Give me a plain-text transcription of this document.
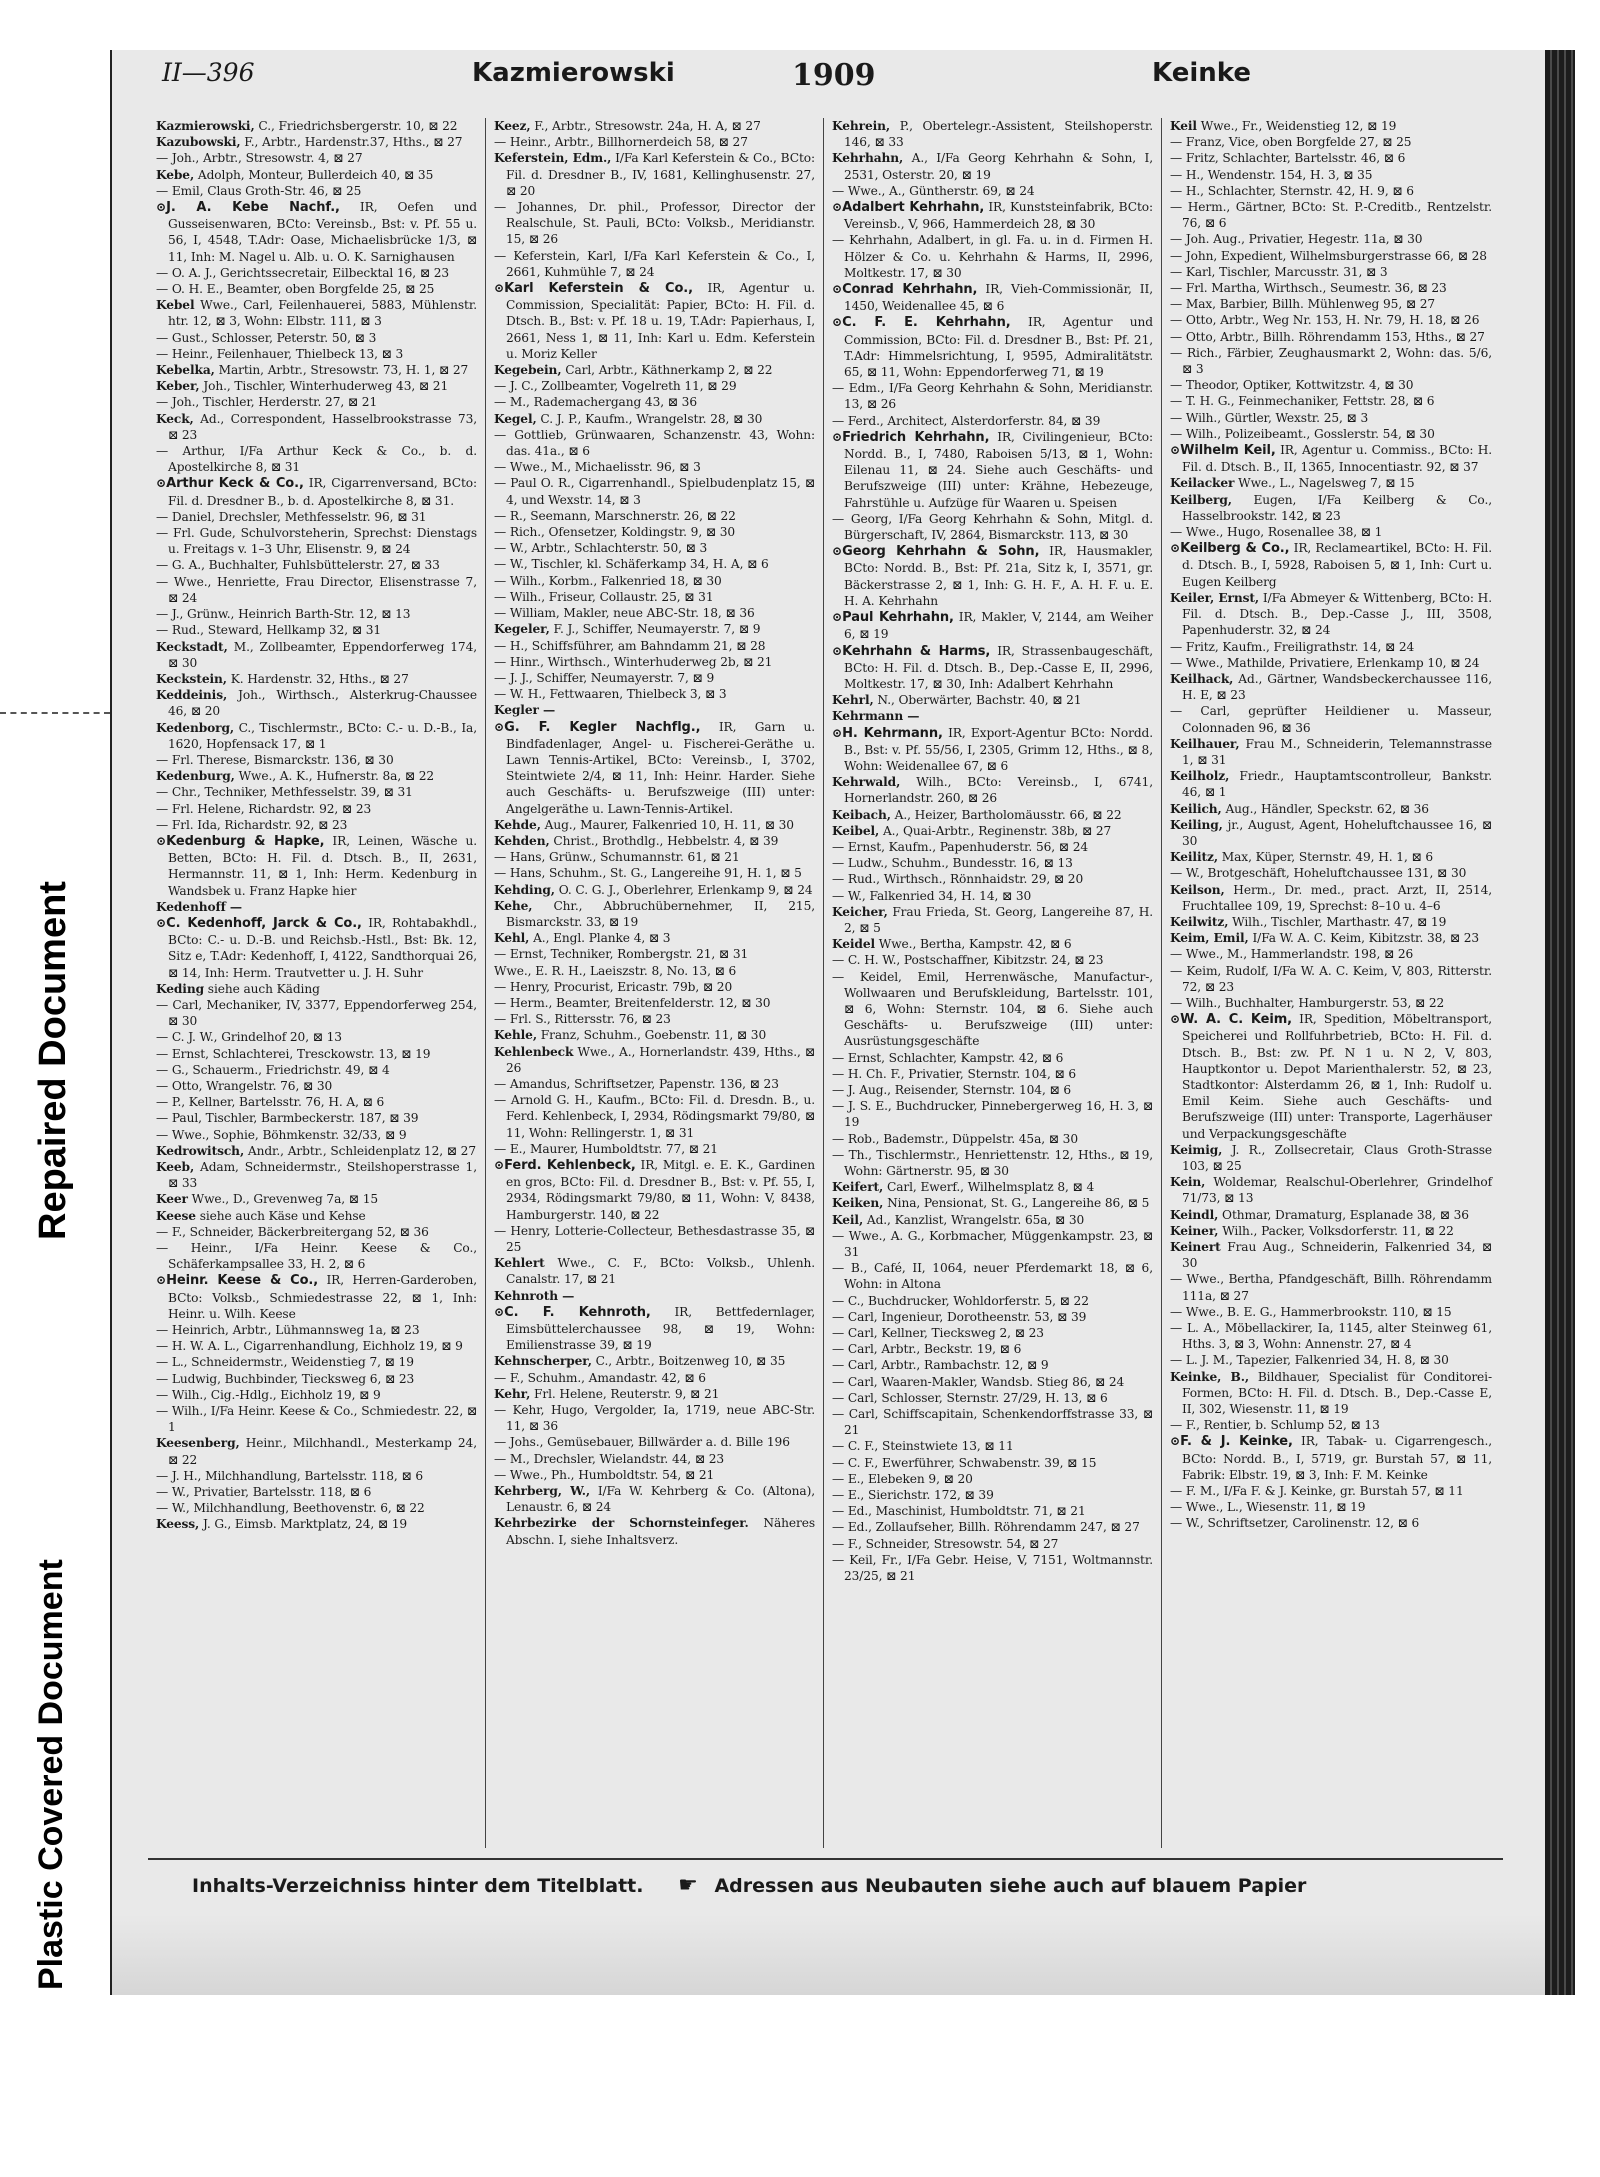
Repaired Document
Plastic Covered Document
II—396	Kazmierowski	1909	Keinke
Kazmierowski, C., Friedrichsbergerstr. 10, ⊠ 22
Kazubowski, F., Arbtr., Hardenstr.37, Hths., ⊠ 27
— Joh., Arbtr., Stresowstr. 4, ⊠ 27
Kebe, Adolph, Monteur, Bullerdeich 40, ⊠ 35
— Emil, Claus Groth-Str. 46, ⊠ 25
⊙ J. A. Kebe Nachf., IR, Oefen und Gusseisenwaren, BCto: Vereinsb., Bst: v. Pf. 55 u. 56, I, 4548, T.Adr: Oase, Michaelisbrücke 1/3, ⊠ 11, Inh: M. Nagel u. Alb. u. O. K. Sarnighausen
— O. A. J., Gerichtssecretair, Eilbecktal 16, ⊠ 23
— O. H. E., Beamter, oben Borgfelde 25, ⊠ 25
Kebel Wwe., Carl, Feilenhauerei, 5883, Mühlenstr. htr. 12, ⊠ 3, Wohn: Elbstr. 111, ⊠ 3
— Gust., Schlosser, Peterstr. 50, ⊠ 3
— Heinr., Feilenhauer, Thielbeck 13, ⊠ 3
Kebelka, Martin, Arbtr., Stresowstr. 73, H. 1, ⊠ 27
Keber, Joh., Tischler, Winterhuderweg 43, ⊠ 21
— Joh., Tischler, Herderstr. 27, ⊠ 21
Keck, Ad., Correspondent, Hasselbrookstrasse 73, ⊠ 23
— Arthur, I/Fa Arthur Keck & Co., b. d. Apostelkirche 8, ⊠ 31
⊙ Arthur Keck & Co., IR, Cigarrenversand, BCto: Fil. d. Dresdner B., b. d. Apostelkirche 8, ⊠ 31.
— Daniel, Drechsler, Methfesselstr. 96, ⊠ 31
— Frl. Gude, Schulvorsteherin, Sprechst: Dienstags u. Freitags v. 1–3 Uhr, Elisenstr. 9, ⊠ 24
— G. A., Buchhalter, Fuhlsbüttelerstr. 27, ⊠ 33
— Wwe., Henriette, Frau Director, Elisenstrasse 7, ⊠ 24
— J., Grünw., Heinrich Barth-Str. 12, ⊠ 13
— Rud., Steward, Hellkamp 32, ⊠ 31
Keckstadt, M., Zollbeamter, Eppendorferweg 174, ⊠ 30
Keckstein, K. Hardenstr. 32, Hths., ⊠ 27
Keddeinis, Joh., Wirthsch., Alsterkrug-Chaussee 46, ⊠ 20
Kedenborg, C., Tischlermstr., BCto: C.- u. D.-B., Ia, 1620, Hopfensack 17, ⊠ 1
— Frl. Therese, Bismarckstr. 136, ⊠ 30
Kedenburg, Wwe., A. K., Hufnerstr. 8a, ⊠ 22
— Chr., Techniker, Methfesselstr. 39, ⊠ 31
— Frl. Helene, Richardstr. 92, ⊠ 23
— Frl. Ida, Richardstr. 92, ⊠ 23
⊙ Kedenburg & Hapke, IR, Leinen, Wäsche u. Betten, BCto: H. Fil. d. Dtsch. B., II, 2631, Hermannstr. 11, ⊠ 1, Inh: Herm. Kedenburg in Wandsbek u. Franz Hapke hier
Kedenhoff —
⊙ C. Kedenhoff, Jarck & Co., IR, Rohtabakhdl., BCto: C.- u. D.-B. und Reichsb.-Hstl., Bst: Bk. 12, Sitz e, T.Adr: Kedenhoff, I, 4122, Sandthorquai 26, ⊠ 14, Inh: Herm. Trautvetter u. J. H. Suhr
Keding siehe auch Käding
— Carl, Mechaniker, IV, 3377, Eppendorferweg 254, ⊠ 30
— C. J. W., Grindelhof 20, ⊠ 13
— Ernst, Schlachterei, Tresckowstr. 13, ⊠ 19
— G., Schauerm., Friedrichstr. 49, ⊠ 4
— Otto, Wrangelstr. 76, ⊠ 30
— P., Kellner, Bartelsstr. 76, H. A, ⊠ 6
— Paul, Tischler, Barmbeckerstr. 187, ⊠ 39
— Wwe., Sophie, Böhmkenstr. 32/33, ⊠ 9
Kedrowitsch, Andr., Arbtr., Schleidenplatz 12, ⊠ 27
Keeb, Adam, Schneidermstr., Steilshoperstrasse 1, ⊠ 33
Keer Wwe., D., Grevenweg 7a, ⊠ 15
Keese siehe auch Käse und Kehse
— F., Schneider, Bäckerbreitergang 52, ⊠ 36
— Heinr., I/Fa Heinr. Keese & Co., Schäferkampsallee 33, H. 2, ⊠ 6
⊙ Heinr. Keese & Co., IR, Herren-Garderoben, BCto: Volksb., Schmiedestrasse 22, ⊠ 1, Inh: Heinr. u. Wilh. Keese
— Heinrich, Arbtr., Lühmannsweg 1a, ⊠ 23
— H. W. A. L., Cigarrenhandlung, Eichholz 19, ⊠ 9
— L., Schneidermstr., Weidenstieg 7, ⊠ 19
— Ludwig, Buchbinder, Tiecksweg 6, ⊠ 23
— Wilh., Cig.-Hdlg., Eichholz 19, ⊠ 9
— Wilh., I/Fa Heinr. Keese & Co., Schmiedestr. 22, ⊠ 1
Keesenberg, Heinr., Milchhandl., Mesterkamp 24, ⊠ 22
— J. H., Milchhandlung, Bartelsstr. 118, ⊠ 6
— W., Privatier, Bartelsstr. 118, ⊠ 6
— W., Milchhandlung, Beethovenstr. 6, ⊠ 22
Keess, J. G., Eimsb. Marktplatz, 24, ⊠ 19
Keez, F., Arbtr., Stresowstr. 24a, H. A, ⊠ 27
— Heinr., Arbtr., Billhornerdeich 58, ⊠ 27
Keferstein, Edm., I/Fa Karl Keferstein & Co., BCto: Fil. d. Dresdner B., IV, 1681, Kellinghusenstr. 27, ⊠ 20
— Johannes, Dr. phil., Professor, Director der Realschule, St. Pauli, BCto: Volksb., Meridianstr. 15, ⊠ 26
— Keferstein, Karl, I/Fa Karl Keferstein & Co., I, 2661, Kuhmühle 7, ⊠ 24
⊙ Karl Keferstein & Co., IR, Agentur u. Commission, Specialität: Papier, BCto: H. Fil. d. Dtsch. B., Bst: v. Pf. 18 u. 19, T.Adr: Papierhaus, I, 2661, Ness 1, ⊠ 11, Inh: Karl u. Edm. Keferstein u. Moriz Keller
Kegebein, Carl, Arbtr., Käthnerkamp 2, ⊠ 22
— J. C., Zollbeamter, Vogelreth 11, ⊠ 29
— M., Rademachergang 43, ⊠ 36
Kegel, C. J. P., Kaufm., Wrangelstr. 28, ⊠ 30
— Gottlieb, Grünwaaren, Schanzenstr. 43, Wohn: das. 41a., ⊠ 6
— Wwe., M., Michaelisstr. 96, ⊠ 3
— Paul O. R., Cigarrenhandl., Spielbudenplatz 15, ⊠ 4, und Wexstr. 14, ⊠ 3
— R., Seemann, Marschnerstr. 26, ⊠ 22
— Rich., Ofensetzer, Koldingstr. 9, ⊠ 30
— W., Arbtr., Schlachterstr. 50, ⊠ 3
— W., Tischler, kl. Schäferkamp 34, H. A, ⊠ 6
— Wilh., Korbm., Falkenried 18, ⊠ 30
— Wilh., Friseur, Collaustr. 25, ⊠ 31
— William, Makler, neue ABC-Str. 18, ⊠ 36
Kegeler, F. J., Schiffer, Neumayerstr. 7, ⊠ 9
— H., Schiffsführer, am Bahndamm 21, ⊠ 28
— Hinr., Wirthsch., Winterhuderweg 2b, ⊠ 21
— J. J., Schiffer, Neumayerstr. 7, ⊠ 9
— W. H., Fettwaaren, Thielbeck 3, ⊠ 3
Kegler —
⊙ G. F. Kegler Nachflg., IR, Garn u. Bindfadenlager, Angel- u. Fischerei-Geräthe u. Lawn Tennis-Artikel, BCto: Vereinsb., I, 3702, Steintwiete 2/4, ⊠ 11, Inh: Heinr. Harder. Siehe auch Geschäfts- u. Berufszweige (III) unter: Angelgeräthe u. Lawn-Tennis-Artikel.
Kehde, Aug., Maurer, Falkenried 10, H. 11, ⊠ 30
Kehden, Christ., Brothdlg., Hebbelstr. 4, ⊠ 39
— Hans, Grünw., Schumannstr. 61, ⊠ 21
— Hans, Schuhm., St. G., Langereihe 91, H. 1, ⊠ 5
Kehding, O. C. G. J., Oberlehrer, Erlenkamp 9, ⊠ 24
Kehe, Chr., Abbruchübernehmer, II, 215, Bismarckstr. 33, ⊠ 19
Kehl, A., Engl. Planke 4, ⊠ 3
— Ernst, Techniker, Rombergstr. 21, ⊠ 31
Wwe., E. R. H., Laeiszstr. 8, No. 13, ⊠ 6
— Henry, Procurist, Ericastr. 79b, ⊠ 20
— Herm., Beamter, Breitenfelderstr. 12, ⊠ 30
— Frl. S., Rittersstr. 76, ⊠ 23
Kehle, Franz, Schuhm., Goebenstr. 11, ⊠ 30
Kehlenbeck Wwe., A., Hornerlandstr. 439, Hths., ⊠ 26
— Amandus, Schriftsetzer, Papenstr. 136, ⊠ 23
— Arnold G. H., Kaufm., BCto: Fil. d. Dresdn. B., u. Ferd. Kehlenbeck, I, 2934, Rödingsmarkt 79/80, ⊠ 11, Wohn: Rellingerstr. 1, ⊠ 31
— E., Maurer, Humboldtstr. 77, ⊠ 21
⊙ Ferd. Kehlenbeck, IR, Mitgl. e. E. K., Gardinen en gros, BCto: Fil. d. Dresdner B., Bst: v. Pf. 55, I, 2934, Rödingsmarkt 79/80, ⊠ 11, Wohn: V, 8438, Hamburgerstr. 140, ⊠ 22
— Henry, Lotterie-Collecteur, Bethesdastrasse 35, ⊠ 25
Kehlert Wwe., C. F., BCto: Volksb., Uhlenh. Canalstr. 17, ⊠ 21
Kehnroth —
⊙ C. F. Kehnroth, IR, Bettfedernlager, Eimsbüttelerchaussee 98, ⊠ 19, Wohn: Emilienstrasse 39, ⊠ 19
Kehnscherper, C., Arbtr., Boitzenweg 10, ⊠ 35
— F., Schuhm., Amandastr. 42, ⊠ 6
Kehr, Frl. Helene, Reuterstr. 9, ⊠ 21
— Kehr, Hugo, Vergolder, Ia, 1719, neue ABC-Str. 11, ⊠ 36
— Johs., Gemüsebauer, Billwärder a. d. Bille 196
— M., Drechsler, Wielandstr. 44, ⊠ 23
— Wwe., Ph., Humboldtstr. 54, ⊠ 21
Kehrberg, W., I/Fa W. Kehrberg & Co. (Altona), Lenaustr. 6, ⊠ 24
Kehrbezirke der Schornsteinfeger. Näheres Abschn. I, siehe Inhaltsverz.
Kehrein, P., Obertelegr.-Assistent, Steilshoperstr. 146, ⊠ 33
Kehrhahn, A., I/Fa Georg Kehrhahn & Sohn, I, 2531, Osterstr. 20, ⊠ 19
— Wwe., A., Güntherstr. 69, ⊠ 24
⊙ Adalbert Kehrhahn, IR, Kunststeinfabrik, BCto: Vereinsb., V, 966, Hammerdeich 28, ⊠ 30
— Kehrhahn, Adalbert, in gl. Fa. u. in d. Firmen H. Hölzer & Co. u. Kehrhahn & Harms, II, 2996, Moltkestr. 17, ⊠ 30
⊙ Conrad Kehrhahn, IR, Vieh-Commissionär, II, 1450, Weidenallee 45, ⊠ 6
⊙ C. F. E. Kehrhahn, IR, Agentur und Commission, BCto: Fil. d. Dresdner B., Bst: Pf. 21, T.Adr: Himmelsrichtung, I, 9595, Admiralitätstr. 65, ⊠ 11, Wohn: Eppendorferweg 71, ⊠ 19
— Edm., I/Fa Georg Kehrhahn & Sohn, Meridianstr. 13, ⊠ 26
— Ferd., Architect, Alsterdorferstr. 84, ⊠ 39
⊙ Friedrich Kehrhahn, IR, Civilingenieur, BCto: Nordd. B., I, 7480, Raboisen 5/13, ⊠ 1, Wohn: Eilenau 11, ⊠ 24. Siehe auch Geschäfts- und Berufszweige (III) unter: Krähne, Hebezeuge, Fahrstühle u. Aufzüge für Waaren u. Speisen
— Georg, I/Fa Georg Kehrhahn & Sohn, Mitgl. d. Bürgerschaft, IV, 2864, Bismarckstr. 113, ⊠ 30
⊙ Georg Kehrhahn & Sohn, IR, Hausmakler, BCto: Nordd. B., Bst: Pf. 21a, Sitz k, I, 3571, gr. Bäckerstrasse 2, ⊠ 1, Inh: G. H. F., A. H. F. u. E. H. A. Kehrhahn
⊙ Paul Kehrhahn, IR, Makler, V, 2144, am Weiher 6, ⊠ 19
⊙ Kehrhahn & Harms, IR, Strassenbaugeschäft, BCto: H. Fil. d. Dtsch. B., Dep.-Casse E, II, 2996, Moltkestr. 17, ⊠ 30, Inh: Adalbert Kehrhahn
Kehrl, N., Oberwärter, Bachstr. 40, ⊠ 21
Kehrmann —
⊙ H. Kehrmann, IR, Export-Agentur BCto: Nordd. B., Bst: v. Pf. 55/56, I, 2305, Grimm 12, Hths., ⊠ 8, Wohn: Weidenallee 67, ⊠ 6
Kehrwald, Wilh., BCto: Vereinsb., I, 6741, Hornerlandstr. 260, ⊠ 26
Keibach, A., Heizer, Bartholomäusstr. 66, ⊠ 22
Keibel, A., Quai-Arbtr., Reginenstr. 38b, ⊠ 27
— Ernst, Kaufm., Papenhuderstr. 56, ⊠ 24
— Ludw., Schuhm., Bundesstr. 16, ⊠ 13
— Rud., Wirthsch., Rönnhaidstr. 29, ⊠ 20
— W., Falkenried 34, H. 14, ⊠ 30
Keicher, Frau Frieda, St. Georg, Langereihe 87, H. 2, ⊠ 5
Keidel Wwe., Bertha, Kampstr. 42, ⊠ 6
— C. H. W., Postschaffner, Kibitzstr. 24, ⊠ 23
— Keidel, Emil, Herrenwäsche, Manufactur-, Wollwaaren und Berufskleidung, Bartelsstr. 101, ⊠ 6, Wohn: Sternstr. 104, ⊠ 6. Siehe auch Geschäfts- u. Berufszweige (III) unter: Ausrüstungsgeschäfte
— Ernst, Schlachter, Kampstr. 42, ⊠ 6
— H. Ch. F., Privatier, Sternstr. 104, ⊠ 6
— J. Aug., Reisender, Sternstr. 104, ⊠ 6
— J. S. E., Buchdrucker, Pinnebergerweg 16, H. 3, ⊠ 19
— Rob., Bademstr., Düppelstr. 45a, ⊠ 30
— Th., Tischlermstr., Henriettenstr. 12, Hths., ⊠ 19, Wohn: Gärtnerstr. 95, ⊠ 30
Keifert, Carl, Ewerf., Wilhelmsplatz 8, ⊠ 4
Keiken, Nina, Pensionat, St. G., Langereihe 86, ⊠ 5
Keil, Ad., Kanzlist, Wrangelstr. 65a, ⊠ 30
— Wwe., A. G., Korbmacher, Müggenkampstr. 23, ⊠ 31
— B., Café, II, 1064, neuer Pferdemarkt 18, ⊠ 6, Wohn: in Altona
— C., Buchdrucker, Wohldorferstr. 5, ⊠ 22
— Carl, Ingenieur, Dorotheenstr. 53, ⊠ 39
— Carl, Kellner, Tiecksweg 2, ⊠ 23
— Carl, Arbtr., Beckstr. 19, ⊠ 6
— Carl, Arbtr., Rambachstr. 12, ⊠ 9
— Carl, Waaren-Makler, Wandsb. Stieg 86, ⊠ 24
— Carl, Schlosser, Sternstr. 27/29, H. 13, ⊠ 6
— Carl, Schiffscapitain, Schenkendorffstrasse 33, ⊠ 21
— C. F., Steinstwiete 13, ⊠ 11
— C. F., Ewerführer, Schwabenstr. 39, ⊠ 15
— E., Elebeken 9, ⊠ 20
— E., Sierichstr. 172, ⊠ 39
— Ed., Maschinist, Humboldtstr. 71, ⊠ 21
— Ed., Zollaufseher, Billh. Röhrendamm 247, ⊠ 27
— F., Schneider, Stresowstr. 54, ⊠ 27
— Keil, Fr., I/Fa Gebr. Heise, V, 7151, Woltmannstr. 23/25, ⊠ 21
Keil Wwe., Fr., Weidenstieg 12, ⊠ 19
— Franz, Vice, oben Borgfelde 27, ⊠ 25
— Fritz, Schlachter, Bartelsstr. 46, ⊠ 6
— H., Wendenstr. 154, H. 3, ⊠ 35
— H., Schlachter, Sternstr. 42, H. 9, ⊠ 6
— Herm., Gärtner, BCto: St. P.-Creditb., Rentzelstr. 76, ⊠ 6
— Joh. Aug., Privatier, Hegestr. 11a, ⊠ 30
— John, Expedient, Wilhelmsburgerstrasse 66, ⊠ 28
— Karl, Tischler, Marcusstr. 31, ⊠ 3
— Frl. Martha, Wirthsch., Seumestr. 36, ⊠ 23
— Max, Barbier, Billh. Mühlenweg 95, ⊠ 27
— Otto, Arbtr., Weg Nr. 153, H. Nr. 79, H. 18, ⊠ 26
— Otto, Arbtr., Billh. Röhrendamm 153, Hths., ⊠ 27
— Rich., Färbier, Zeughausmarkt 2, Wohn: das. 5/6, ⊠ 3
— Theodor, Optiker, Kottwitzstr. 4, ⊠ 30
— T. H. G., Feinmechaniker, Fettstr. 28, ⊠ 6
— Wilh., Gürtler, Wexstr. 25, ⊠ 3
— Wilh., Polizeibeamt., Gosslerstr. 54, ⊠ 30
⊙ Wilhelm Keil, IR, Agentur u. Commiss., BCto: H. Fil. d. Dtsch. B., II, 1365, Innocentiastr. 92, ⊠ 37
Keilacker Wwe., L., Nagelsweg 7, ⊠ 15
Keilberg, Eugen, I/Fa Keilberg & Co., Hasselbrookstr. 142, ⊠ 23
— Wwe., Hugo, Rosenallee 38, ⊠ 1
⊙ Keilberg & Co., IR, Reclameartikel, BCto: H. Fil. d. Dtsch. B., I, 5928, Raboisen 5, ⊠ 1, Inh: Curt u. Eugen Keilberg
Keiler, Ernst, I/Fa Abmeyer & Wittenberg, BCto: H. Fil. d. Dtsch. B., Dep.-Casse J., III, 3508, Papenhuderstr. 32, ⊠ 24
— Fritz, Kaufm., Freiligrathstr. 14, ⊠ 24
— Wwe., Mathilde, Privatiere, Erlenkamp 10, ⊠ 24
Keilhack, Ad., Gärtner, Wandsbeckerchaussee 116, H. E, ⊠ 23
— Carl, geprüfter Heildiener u. Masseur, Colonnaden 96, ⊠ 36
Keilhauer, Frau M., Schneiderin, Telemannstrasse 1, ⊠ 31
Keilholz, Friedr., Hauptamtscontrolleur, Bankstr. 46, ⊠ 1
Keilich, Aug., Händler, Speckstr. 62, ⊠ 36
Keiling, jr., August, Agent, Hoheluftchaussee 16, ⊠ 30
Keilitz, Max, Küper, Sternstr. 49, H. 1, ⊠ 6
— W., Brotgeschäft, Hoheluftchaussee 131, ⊠ 30
Keilson, Herm., Dr. med., pract. Arzt, II, 2514, Fruchtallee 109, 19, Sprechst: 8–10 u. 4–6
Keilwitz, Wilh., Tischler, Marthastr. 47, ⊠ 19
Keim, Emil, I/Fa W. A. C. Keim, Kibitzstr. 38, ⊠ 23
— Wwe., M., Hammerlandstr. 198, ⊠ 26
— Keim, Rudolf, I/Fa W. A. C. Keim, V, 803, Ritterstr. 72, ⊠ 23
— Wilh., Buchhalter, Hamburgerstr. 53, ⊠ 22
⊙ W. A. C. Keim, IR, Spedition, Möbeltransport, Speicherei und Rollfuhrbetrieb, BCto: H. Fil. d. Dtsch. B., Bst: zw. Pf. N 1 u. N 2, V, 803, Hauptkontor u. Depot Marienthalerstr. 52, ⊠ 23, Stadtkontor: Alsterdamm 26, ⊠ 1, Inh: Rudolf u. Emil Keim. Siehe auch Geschäfts- und Berufszweige (III) unter: Transporte, Lagerhäuser und Verpackungsgeschäfte
Keimig, J. R., Zollsecretair, Claus Groth-Strasse 103, ⊠ 25
Kein, Woldemar, Realschul-Oberlehrer, Grindelhof 71/73, ⊠ 13
Keindl, Othmar, Dramaturg, Esplanade 38, ⊠ 36
Keiner, Wilh., Packer, Volksdorferstr. 11, ⊠ 22
Keinert Frau Aug., Schneiderin, Falkenried 34, ⊠ 30
— Wwe., Bertha, Pfandgeschäft, Billh. Röhrendamm 111a, ⊠ 27
— Wwe., B. E. G., Hammerbrookstr. 110, ⊠ 15
— L. A., Möbellackirer, Ia, 1145, alter Steinweg 61, Hths. 3, ⊠ 3, Wohn: Annenstr. 27, ⊠ 4
— L. J. M., Tapezier, Falkenried 34, H. 8, ⊠ 30
Keinke, B., Bildhauer, Specialist für Conditorei-Formen, BCto: H. Fil. d. Dtsch. B., Dep.-Casse E, II, 302, Wiesenstr. 11, ⊠ 19
— F., Rentier, b. Schlump 52, ⊠ 13
⊙ F. & J. Keinke, IR, Tabak- u. Cigarrengesch., BCto: Nordd. B., I, 5719, gr. Burstah 57, ⊠ 11, Fabrik: Elbstr. 19, ⊠ 3, Inh: F. M. Keinke
— F. M., I/Fa F. & J. Keinke, gr. Burstah 57, ⊠ 11
— Wwe., L., Wiesenstr. 11, ⊠ 19
— W., Schriftsetzer, Carolinenstr. 12, ⊠ 6
Inhalts-Verzeichniss hinter dem Titelblatt. ☛ Adressen aus Neubauten siehe auch auf blauem Papier
